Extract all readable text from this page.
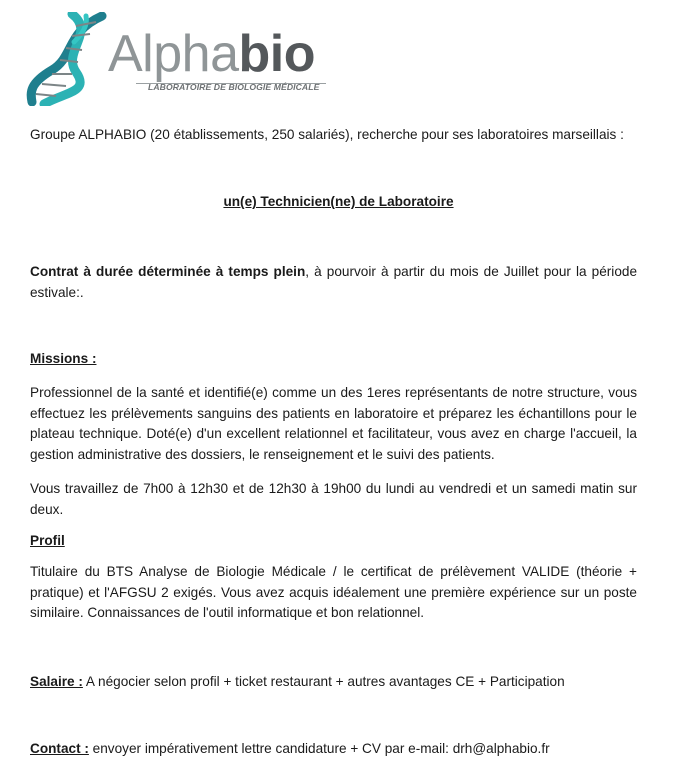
Alphabio
LABORATOIRE DE BIOLOGIE MÉDICALE

Groupe ALPHABIO (20 établissements, 250 salariés), recherche pour ses laboratoires marseillais :

un(e) Technicien(ne) de Laboratoire

Contrat à durée déterminée à temps plein, à pourvoir à partir du mois de Juillet pour la période estivale:.

Missions :

Professionnel de la santé et identifié(e) comme un des 1eres représentants de notre structure, vous effectuez les prélèvements sanguins des patients en laboratoire et préparez les échantillons pour le plateau technique. Doté(e) d'un excellent relationnel et facilitateur, vous avez en charge l'accueil, la gestion administrative des dossiers, le renseignement et le suivi des patients.

Vous travaillez de 7h00 à 12h30 et de 12h30 à 19h00 du lundi au vendredi et un samedi matin sur deux.

Profil

Titulaire du BTS Analyse de Biologie Médicale / le certificat de prélèvement VALIDE (théorie + pratique) et l'AFGSU 2 exigés. Vous avez acquis idéalement une première expérience sur un poste similaire. Connaissances de l'outil informatique et bon relationnel.

Salaire : A négocier selon profil + ticket restaurant + autres avantages CE + Participation

Contact : envoyer impérativement lettre candidature + CV par e-mail: drh@alphabio.fr
